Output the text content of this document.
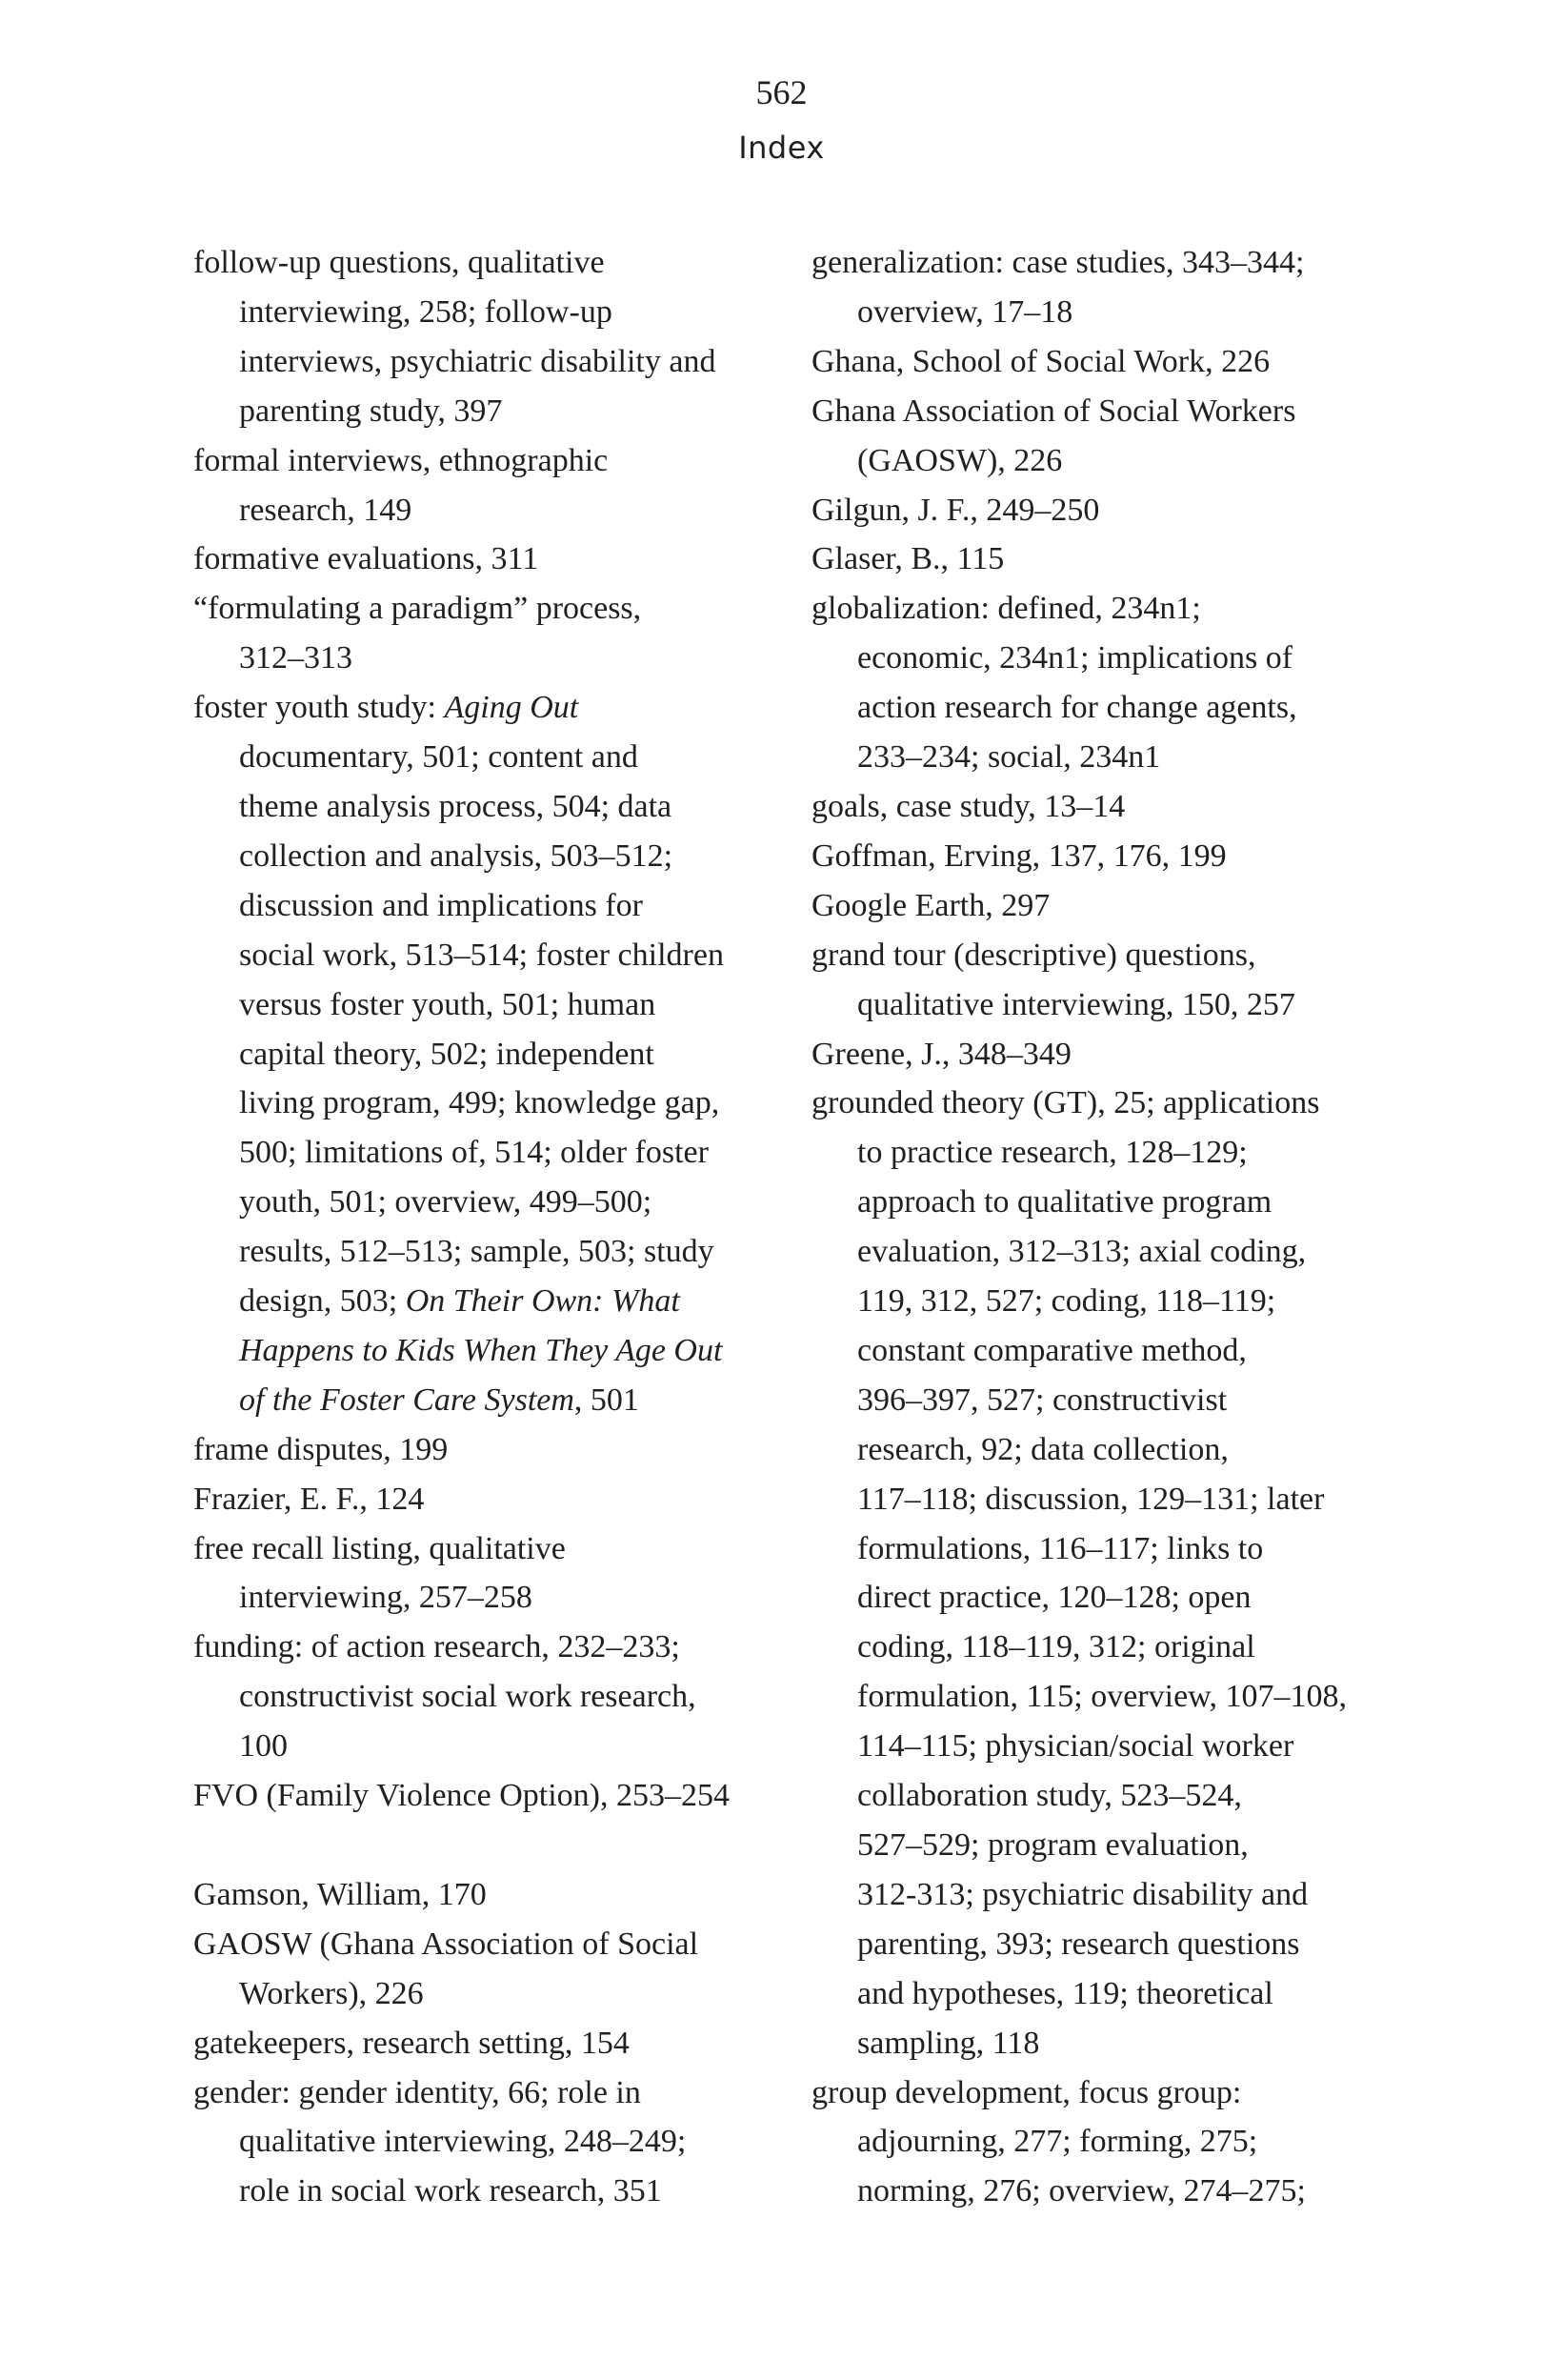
562
Index
follow-up questions, qualitative
interviewing, 258; follow-up
interviews, psychiatric disability and
parenting study, 397
formal interviews, ethnographic
research, 149
formative evaluations, 311
“formulating a paradigm” process,
312–313
foster youth study: Aging Out
documentary, 501; content and
theme analysis process, 504; data
collection and analysis, 503–512;
discussion and implications for
social work, 513–514; foster children
versus foster youth, 501; human
capital theory, 502; independent
living program, 499; knowledge gap,
500; limitations of, 514; older foster
youth, 501; overview, 499–500;
results, 512–513; sample, 503; study
design, 503; On Their Own: What
Happens to Kids When They Age Out
of the Foster Care System, 501
frame disputes, 199
Frazier, E. F., 124
free recall listing, qualitative
interviewing, 257–258
funding: of action research, 232–233;
constructivist social work research,
100
FVO (Family Violence Option), 253–254
Gamson, William, 170
GAOSW (Ghana Association of Social
Workers), 226
gatekeepers, research setting, 154
gender: gender identity, 66; role in
qualitative interviewing, 248–249;
role in social work research, 351
generalization: case studies, 343–344;
overview, 17–18
Ghana, School of Social Work, 226
Ghana Association of Social Workers
(GAOSW), 226
Gilgun, J. F., 249–250
Glaser, B., 115
globalization: defined, 234n1;
economic, 234n1; implications of
action research for change agents,
233–234; social, 234n1
goals, case study, 13–14
Goffman, Erving, 137, 176, 199
Google Earth, 297
grand tour (descriptive) questions,
qualitative interviewing, 150, 257
Greene, J., 348–349
grounded theory (GT), 25; applications
to practice research, 128–129;
approach to qualitative program
evaluation, 312–313; axial coding,
119, 312, 527; coding, 118–119;
constant comparative method,
396–397, 527; constructivist
research, 92; data collection,
117–118; discussion, 129–131; later
formulations, 116–117; links to
direct practice, 120–128; open
coding, 118–119, 312; original
formulation, 115; overview, 107–108,
114–115; physician/social worker
collaboration study, 523–524,
527–529; program evaluation,
312-313; psychiatric disability and
parenting, 393; research questions
and hypotheses, 119; theoretical
sampling, 118
group development, focus group:
adjourning, 277; forming, 275;
norming, 276; overview, 274–275;
